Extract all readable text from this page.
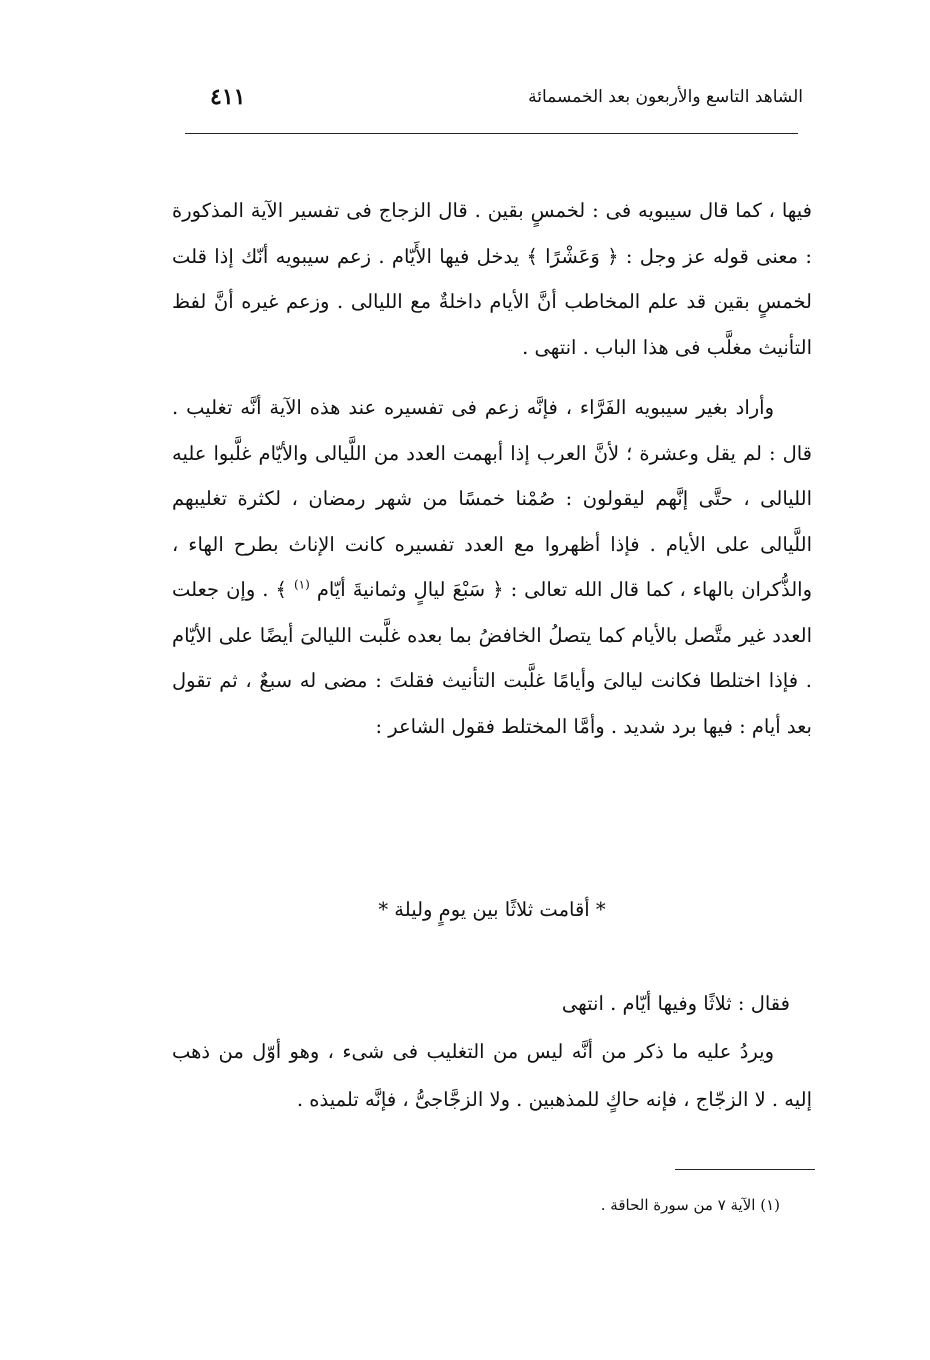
الشاهد التاسع والأربعون بعد الخمسمائة
٤١١

فيها ، كما قال سيبويه فى : لخمسٍ بقين . قال الزجاج فى تفسير الآية المذكورة : معنى قوله عز وجل : ﴿ وَعَشْرًا ﴾ يدخل فيها الأَيّام . زعم سيبويه أنّك إذا قلت لخمسٍ بقين قد علم المخاطب أنَّ الأيام داخلةٌ مع الليالى . وزعم غيره أنَّ لفظ التأنيث مغلَّب فى هذا الباب . انتهى .

وأراد بغير سيبويه الفَرَّاء ، فإنَّه زعم فى تفسيره عند هذه الآية أنَّه تغليب . قال : لم يقل وعشرة ؛ لأنَّ العرب إذا أبهمت العدد من اللَّيالى والأيّام غلَّبوا عليه الليالى ، حتَّى إنَّهم ليقولون : صُمْنا خمسًا من شهر رمضان ، لكثرة تغليبهم اللَّيالى على الأيام . فإذا أظهروا مع العدد تفسيره كانت الإناث بطرح الهاء ، والذُّكران بالهاء ، كما قال الله تعالى : ﴿ سَبْعَ ليالٍ وثمانيةَ أيّام $^{(١)}$ ﴾ . وإن جعلت العدد غير متَّصل بالأيام كما يتصلُ الخافضُ بما بعده غلَّبت الليالىَ أيضًا على الأيّام . فإذا اختلطا فكانت ليالىَ وأيامًا غلَّبت التأنيث فقلتَ : مضى له سبعٌ ، ثم تقول بعد أيام : فيها برد شديد . وأمَّا المختلط فقول الشاعر :

* أقامت ثلاثًا بين يومٍ وليلة *

فقال : ثلاثًا وفيها أيّام . انتهى

ويردُ عليه ما ذكر من أنَّه ليس من التغليب فى شىء ، وهو أوّل من ذهب إليه . لا الزجّاج ، فإنه حاكٍ للمذهبين . ولا الزجَّاجىُّ ، فإنَّه تلميذه .

(١) الآية ٧ من سورة الحاقة .
